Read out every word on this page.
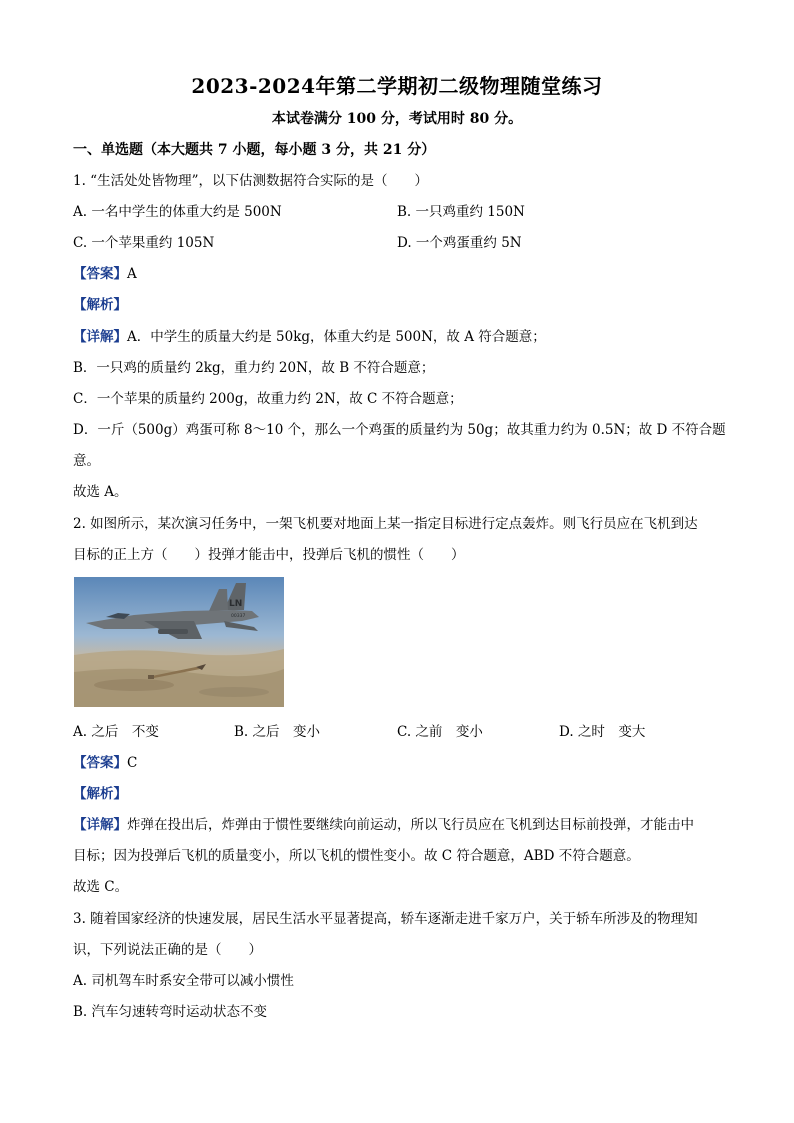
2023-2024年第二学期初二级物理随堂练习
本试卷满分 100 分，考试用时 80 分。
一、单选题（本大题共 7 小题，每小题 3 分，共 21 分）
1. “生活处处皆物理”，以下估测数据符合实际的是（　　）
A. 一名中学生的体重大约是 500N	B. 一只鸡重约 150N
C. 一个苹果重约 105N	D. 一个鸡蛋重约 5N
【答案】A
【解析】
【详解】A．中学生的质量大约是 50kg，体重大约是 500N，故 A 符合题意；
B．一只鸡的质量约 2kg，重力约 20N，故 B 不符合题意；
C．一个苹果的质量约 200g，故重力约 2N，故 C 不符合题意；
D．一斤（500g）鸡蛋可称 8～10 个，那么一个鸡蛋的质量约为 50g；故其重力约为 0.5N；故 D 不符合题
意。
故选 A。
2. 如图所示，某次演习任务中，一架飞机要对地面上某一指定目标进行定点轰炸。则飞行员应在飞机到达
目标的正上方（　　）投弹才能击中，投弹后飞机的惯性（　　）
LN
00337
A. 之后　不变	B. 之后　变小	C. 之前　变小	D. 之时　变大
【答案】C
【解析】
【详解】炸弹在投出后，炸弹由于惯性要继续向前运动，所以飞行员应在飞机到达目标前投弹，才能击中
目标；因为投弹后飞机的质量变小，所以飞机的惯性变小。故 C 符合题意，ABD 不符合题意。
故选 C。
3. 随着国家经济的快速发展，居民生活水平显著提高，轿车逐渐走进千家万户，关于轿车所涉及的物理知
识，下列说法正确的是（　　）
A. 司机驾车时系安全带可以减小惯性
B. 汽车匀速转弯时运动状态不变
